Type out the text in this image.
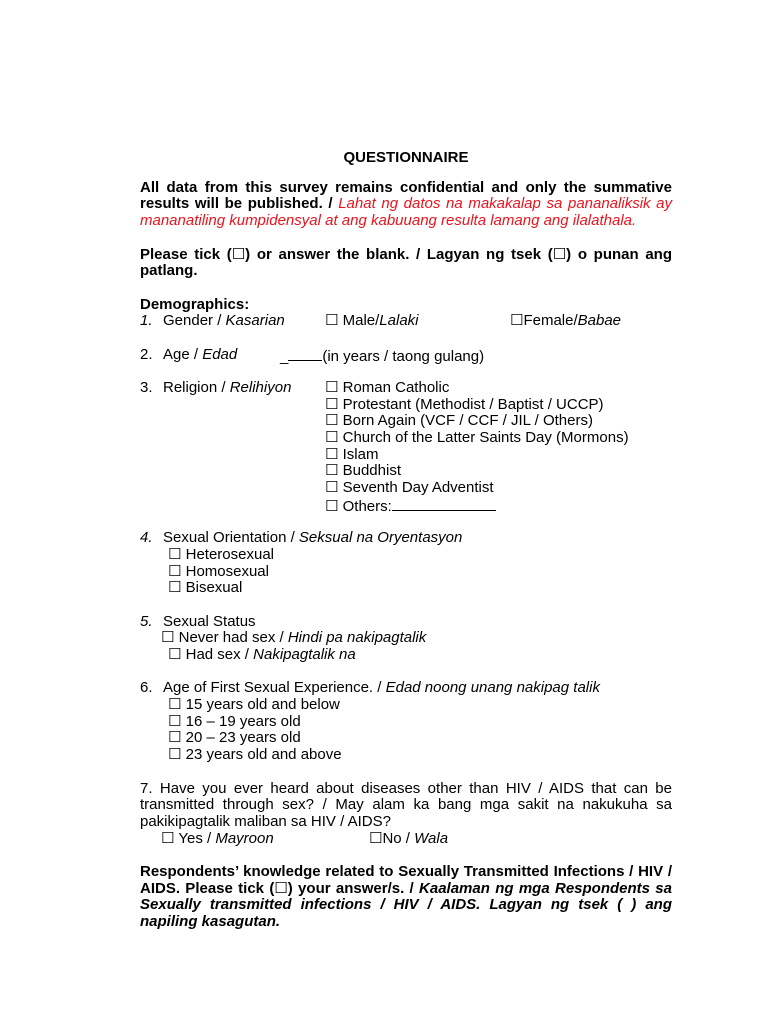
QUESTIONNAIRE
All data from this survey remains confidential and only the summative results will be published. / Lahat ng datos na makakalap sa pananaliksik ay mananatiling kumpidensyal at ang kabuuang resulta lamang ang ilalathala.
Please tick (☐) or answer the blank. / Lagyan ng tsek (☐) o punan ang patlang.
Demographics:
1. Gender / Kasarian	☐ Male/Lalaki	☐Female/Babae
2. Age / Edad	_ (in years / taong gulang)
3. Religion / Relihiyon ☐ Roman Catholic
☐ Protestant (Methodist / Baptist / UCCP)
☐ Born Again (VCF / CCF / JIL / Others)
☐ Church of the Latter Saints Day (Mormons)
☐ Islam
☐ Buddhist
☐ Seventh Day Adventist
☐ Others:
4. Sexual Orientation / Seksual na Oryentasyon
☐ Heterosexual
☐ Homosexual
☐ Bisexual
5. Sexual Status
☐ Never had sex / Hindi pa nakipagtalik
☐ Had sex / Nakipagtalik na
6. Age of First Sexual Experience. / Edad noong unang nakipag talik
☐ 15 years old and below
☐ 16 – 19 years old
☐ 20 – 23 years old
☐ 23 years old and above
7. Have you ever heard about diseases other than HIV / AIDS that can be transmitted through sex? / May alam ka bang mga sakit na nakukuha sa pakikipagtalik maliban sa HIV / AIDS?
☐ Yes / Mayroon	☐No / Wala
Respondents’ knowledge related to Sexually Transmitted Infections / HIV / AIDS. Please tick (☐) your answer/s. / Kaalaman ng mga Respondents sa Sexually transmitted infections / HIV / AIDS. Lagyan ng tsek ( ) ang napiling kasagutan.
